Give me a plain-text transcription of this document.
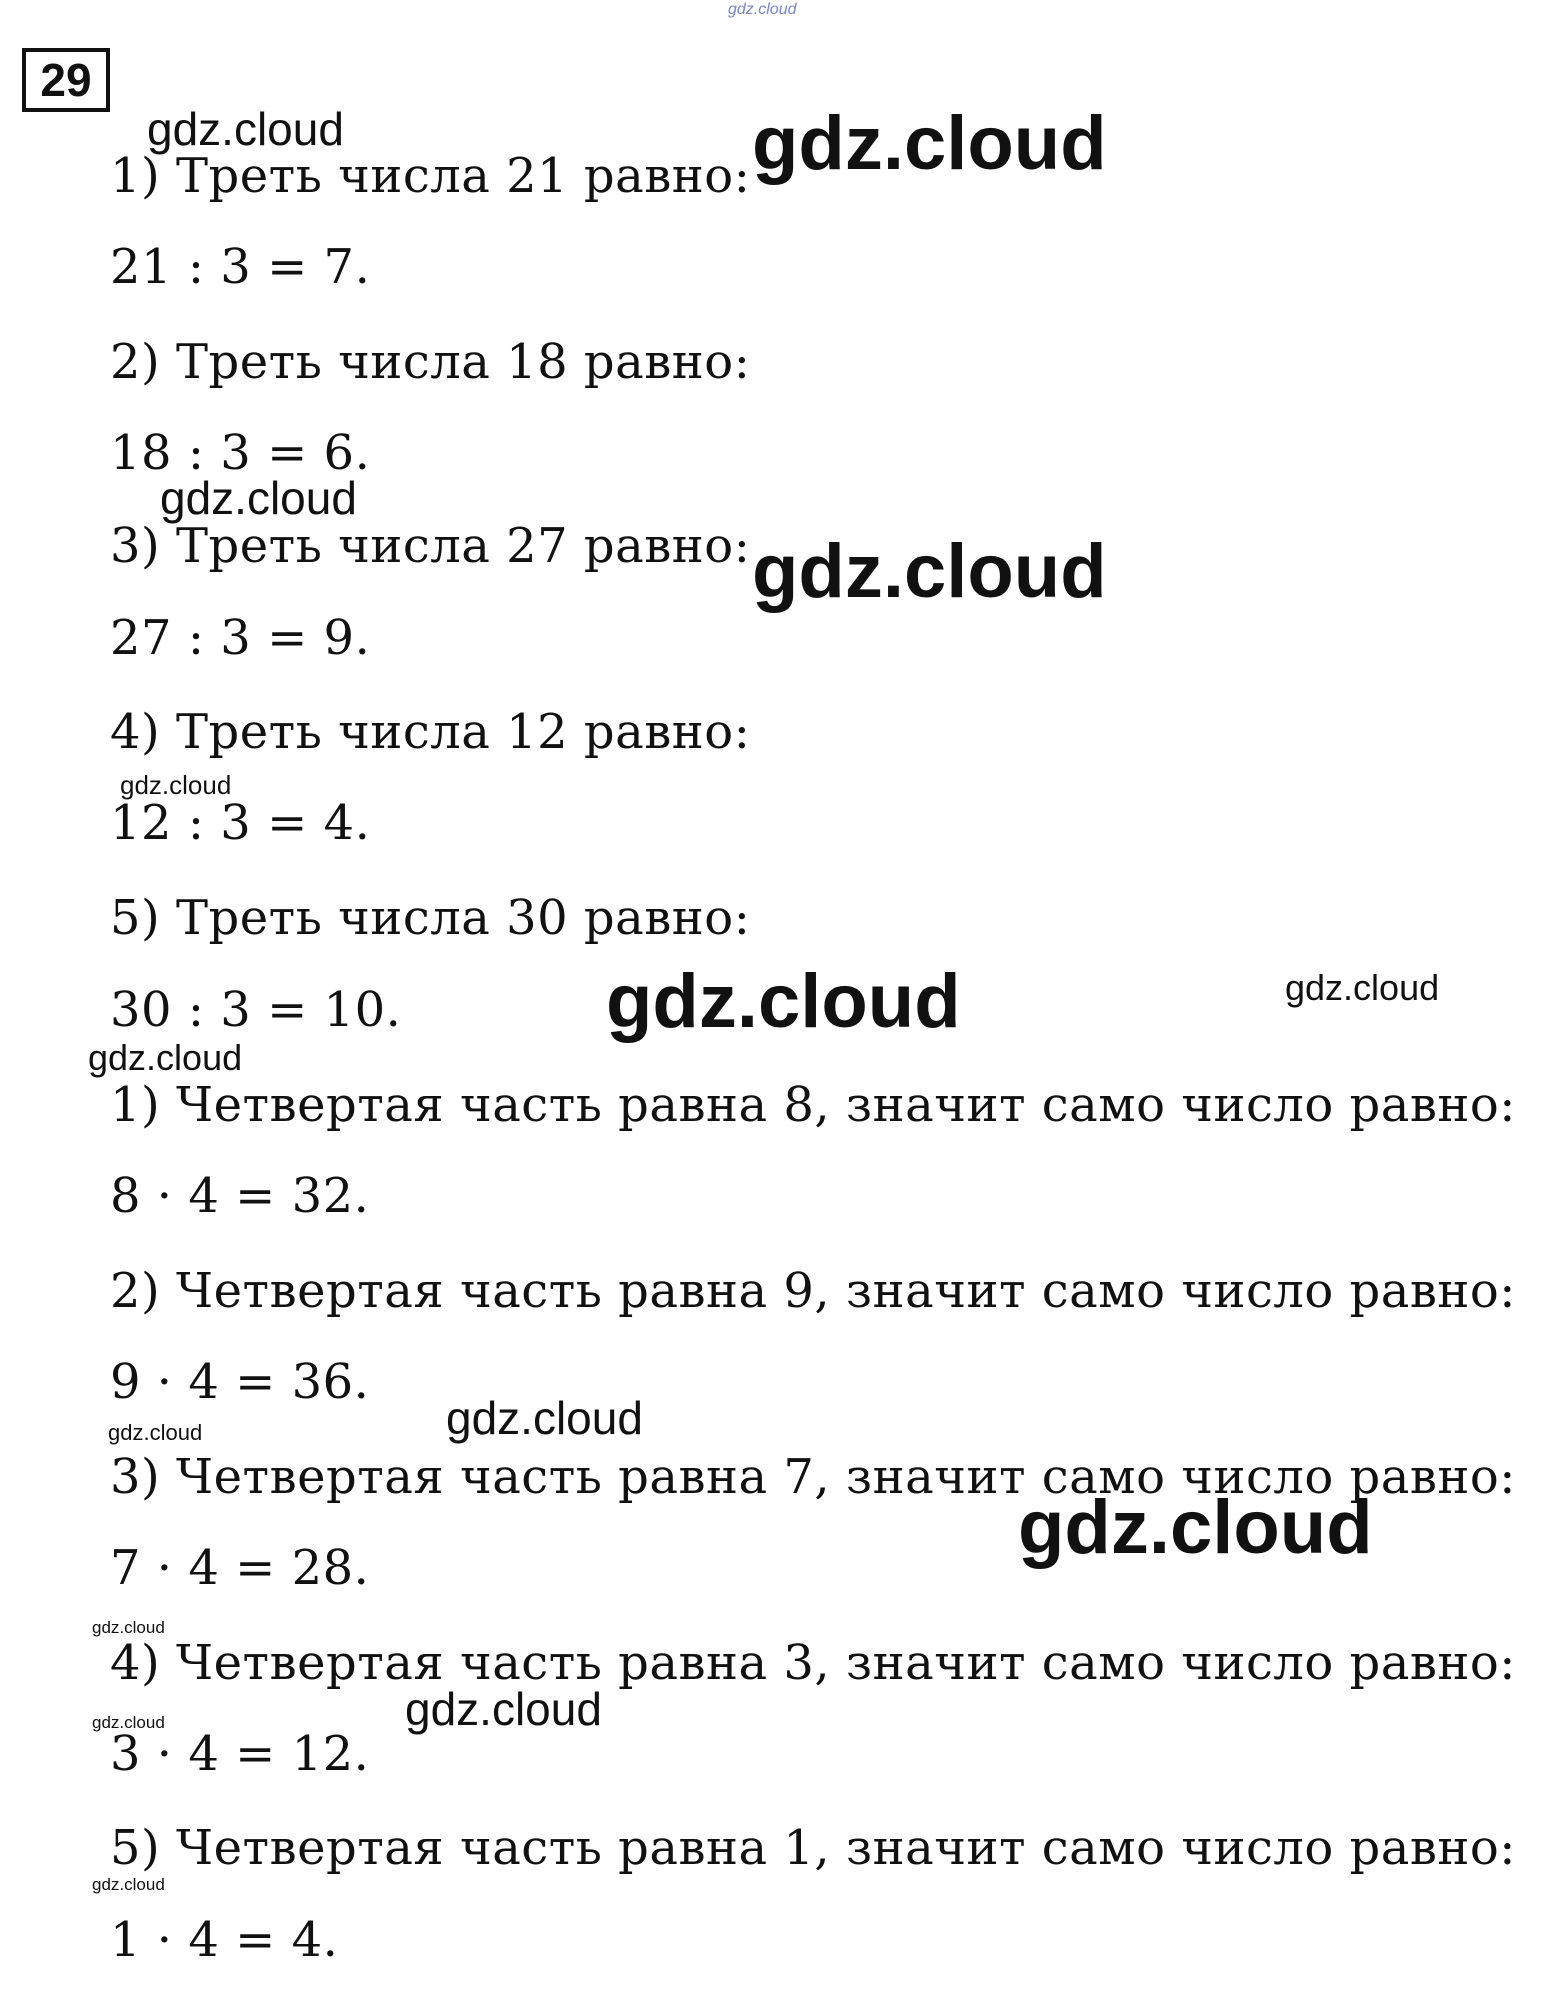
gdz.cloud
29
1) Треть числа 21 равно:
21 : 3 = 7.
2) Треть числа 18 равно:
18 : 3 = 6.
3) Треть числа 27 равно:
27 : 3 = 9.
4) Треть числа 12 равно:
12 : 3 = 4.
5) Треть числа 30 равно:
30 : 3 = 10.
1) Четвертая часть равна 8, значит само число равно:
8 · 4 = 32.
2) Четвертая часть равна 9, значит само число равно:
9 · 4 = 36.
3) Четвертая часть равна 7, значит само число равно:
7 · 4 = 28.
4) Четвертая часть равна 3, значит само число равно:
3 · 4 = 12.
5) Четвертая часть равна 1, значит само число равно:
1 · 4 = 4.
gdz.cloud	gdz.cloud
gdz.cloud
gdz.cloud
gdz.cloud
gdz.cloud	gdz.cloud
gdz.cloud
gdz.cloud
gdz.cloud
gdz.cloud
gdz.cloud
gdz.cloud
gdz.cloud
gdz.cloud
